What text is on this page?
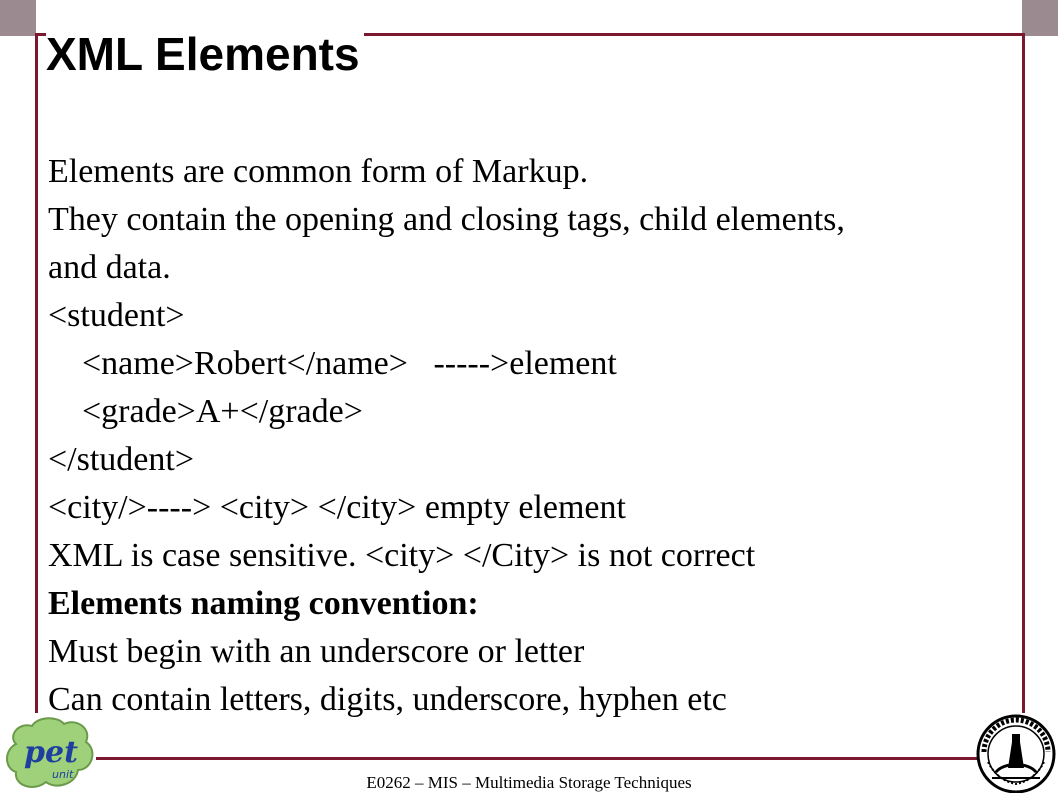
XML Elements
Elements are common form of Markup.
They contain the opening and closing tags, child elements,
and data.
<student>
<name>Robert</name>   ----->element
<grade>A+</grade>
</student>
<city/>----> <city> </city> empty element
XML is case sensitive. <city> </City> is not correct
Elements naming convention:
Must begin with an underscore or letter
Can contain letters, digits, underscore, hyphen etc
pet
unit	E0262 – MIS – Multimedia Storage Techniques
